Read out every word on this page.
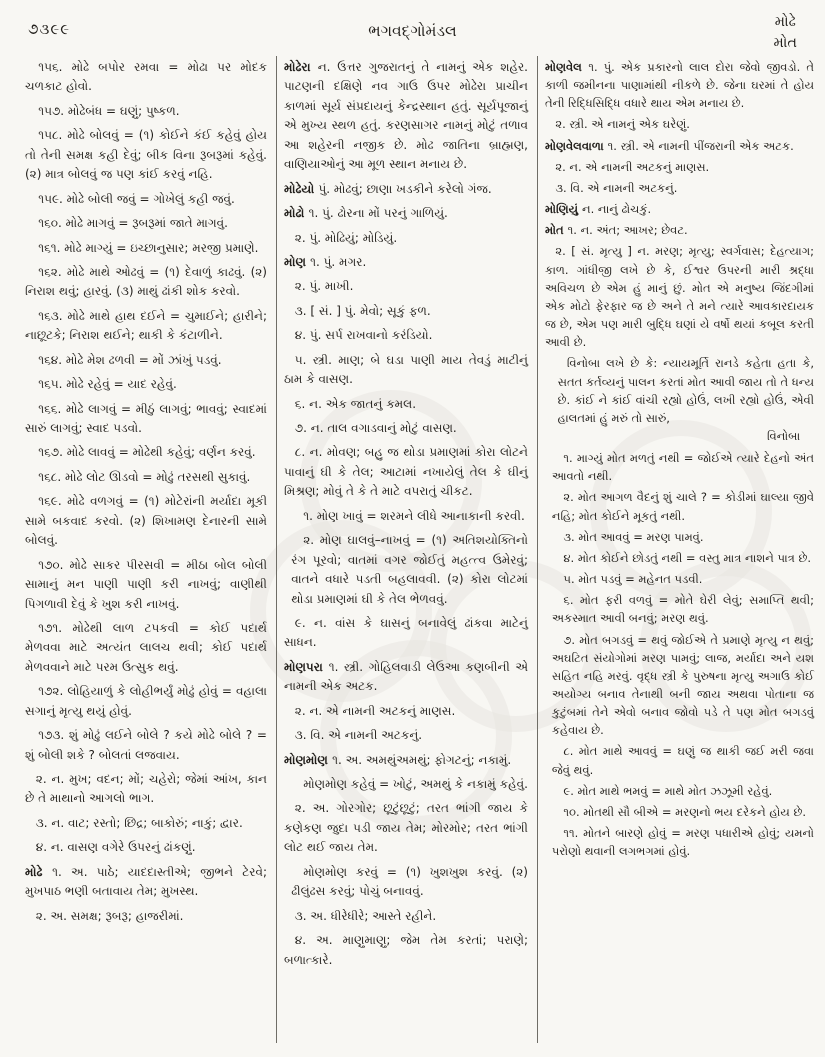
૭૩૯૯	ભગવદ્ગોમંડલ	મોઢે
મોત

૧૫૬. મોઢે બપોર રમવા = મોઢા પર મોદક ચળકાટ હોવો.

૧૫૭. મોઢેબંધ = ઘણું; પુષ્કળ.

૧૫૮. મોઢે બોલવું = (૧) કોઈને કંઈ કહેવું હોય તો તેની સમક્ષ કહી દેવું; બીક વિના રૂબરૂમાં કહેવું. (૨) માત્ર બોલવું જ પણ કાંઈ કરવું નહિ.

૧૫૯. મોઢે બોલી જવું = ગોખેલું કહી જવું.

૧૬૦. મોઢે માગવું = રૂબરૂમાં જાતે માગવું.

૧૬૧. મોઢે માગ્યું = ઇચ્છાનુસાર; મરજી પ્રમાણે.

૧૬૨. મોઢે માથે ઓઢવું = (૧) દેવાળું કાઢવું. (૨) નિરાશ થવું; હારવું. (૩) માથું ઢાંકી શોક કરવો.

૧૬૩. મોઢે માથે હાથ દઈને = ચુમાઈને; હારીને; નાછૂટકે; નિરાશ થઈને; થાકી કે કંટાળીને.

૧૬૪. મોઢે મેશ ઢળવી = મોં ઝાંખું પડવું.

૧૬૫. મોઢે રહેવું = યાદ રહેવું.

૧૬૬. મોઢે લાગવું = મીઠું લાગવું; ભાવવું; સ્વાદમાં સારું લાગવું; સ્વાદ પડવો.

૧૬૭. મોઢે લાવવું = મોઢેથી કહેવું; વર્ણન કરવું.

૧૬૮. મોઢે લોટ ઊડવો = મોઢું તરસથી સુકાવું.

૧૬૯. મોઢે વળગવું = (૧) મોટેરાંની મર્યાદા મૂકી સામે બકવાદ કરવો. (૨) શિખામણ દેનારની સામે બોલવું.

૧૭૦. મોઢે સાકર પીરસવી = મીઠા બોલ બોલી સામાનું મન પાણી પાણી કરી નાખવું; વાણીથી પિગળાવી દેવું કે ખુશ કરી નાખવું.

૧૭૧. મોઢેથી લાળ ટપકવી = કોઈ પદાર્થ મેળવવા માટે અત્યંત લાલચ થવી; કોઈ પદાર્થ મેળવવાને માટે પરમ ઉત્સુક થવું.

૧૭૨. લોહિયાળું કે લોહીભર્યું મોઢું હોવું = વહાલા સગાનું મૃત્યુ થયું હોવું.

૧૭૩. શું મોઢું લઈને બોલે ? કયે મોઢે બોલે ? = શું બોલી શકે ? બોલતાં લજવાય.

૨. ન. મુખ; વદન; મોં; ચહેરો; જેમાં આંખ, કાન છે તે માથાનો આગલો ભાગ.

૩. ન. વાટ; રસ્તો; છિદ્ર; બાકોરું; નાકું; દ્વાર.

૪. ન. વાસણ વગેરે ઉપરનું ઢાંકણું.

મોઢે ૧. અ. પાઠે; યાદદાસ્તીએ; જીભને ટેરવે; મુખપાઠ ભણી બતાવાય તેમ; મુખસ્થ.

૨. અ. સમક્ષ; રૂબરૂ; હાજરીમાં.

મોઢેરા ન. ઉત્તર ગુજરાતનું તે નામનું એક શહેર. પાટણની દક્ષિણે નવ ગાઉ ઉપર મોઢેરા પ્રાચીન કાળમાં સૂર્ય સંપ્રદાયનું કેન્દ્રસ્થાન હતું. સૂર્યપૂજાનું એ મુખ્ય સ્થળ હતું. કરણસાગર નામનું મોટું તળાવ આ શહેરની નજીક છે. મોઢ જાતિના બ્રાહ્મણ, વાણિયાઓનું આ મૂળ સ્થાન મનાય છે.

મોઢેયો પું. મોઢવું; છાણા ખડકીને કરેલો ગંજ.

મોઢો ૧. પું. ઢોરના મોં પરનું ગાળિયું.

૨. પું. મોઢિયું; મોડિયું.

મોણ ૧. પું. મગર.

૨. પું. માખી.

૩. [ સં. ] પું. મેવો; સૂકું ફળ.

૪. પું. સર્પ રાખવાનો કરંડિયો.

૫. સ્ત્રી. માણ; બે ઘડા પાણી માય તેવડું માટીનું ઠામ કે વાસણ.

૬. ન. એક જાતનું કમલ.

૭. ન. તાલ વગાડવાનું મોટું વાસણ.

૮. ન. મોવણ; બહુ જ થોડા પ્રમાણમાં કોરા લોટને પાવાનું ઘી કે તેલ; આટામાં નખાયેલું તેલ કે ઘીનું મિશ્રણ; મોવું તે કે તે માટે વપરાતું ચીકટ.

૧. મોણ ખાવું = શરમને લીધે આનાકાની કરવી.

૨. મોણ ઘાલવું–નાખવું = (૧) અતિશયોક્તિનો રંગ પૂરવો; વાતમાં વગર જોઈતું મહત્ત્વ ઉમેરવું; વાતને વધારે પડતી બહલાવવી. (૨) કોરા લોટમાં થોડા પ્રમાણમાં ઘી કે તેલ ભેળવવું.

૯. ન. વાંસ કે ઘાસનું બનાવેલું ઢાંકવા માટેનું સાધન.

મોણપરા ૧. સ્ત્રી. ગોહિલવાડી લેઉઆ કણબીની એ નામની એક અટક.

૨. ન. એ નામની અટકનું માણસ.

૩. વિ. એ નામની અટકનું.

મોણમોણ ૧. અ. અમથુંઅમથું; ફોગટનું; નકામું.

મોણમોણ કહેવું = ખોટું, અમથું કે નકામું કહેવું.

૨. અ. ગોરગોર; છૂટુંછૂટું; તરત ભાંગી જાય કે કણેકણ જુદા પડી જાય તેમ; મોરમોર; તરત ભાંગી લોટ થઈ જાય તેમ.

મોણમોણ કરવું = (૧) ખુશખુશ કરવું. (૨) ઢીલુંઢસ કરવું; પોચું બનાવવું.

૩. અ. ધીરેધીરે; આસ્તે રહીને.

૪. અ. માણુમાણુ; જેમ તેમ કરતાં; પરાણે; બળાત્કારે.

મોણવેલ ૧. પું. એક પ્રકારનો લાલ દોરા જેવો જીવડો. તે કાળી જમીનના પાણામાંથી નીકળે છે. જેના ઘરમાં તે હોય તેની રિદ્ધિસિદ્ધિ વધારે થાય એમ મનાય છે.

૨. સ્ત્રી. એ નામનું એક ઘરેણું.

મોણવેલવાળા ૧. સ્ત્રી. એ નામની પીંજરાની એક અટક.

૨. ન. એ નામની અટકનું માણસ.

૩. વિ. એ નામની અટકનું.

મોણિયું ન. નાનું ઢોચકું.

મોત ૧. ન. અંત; આખર; છેવટ.

૨. [ સં. મૃત્યુ ] ન. મરણ; મૃત્યુ; સ્વર્ગવાસ; દેહત્યાગ; કાળ. ગાંધીજી લખે છે કે, ઈશ્વર ઉપરની મારી શ્રદ્ધા અવિચળ છે એમ હું માનું છું. મોત એ મનુષ્ય જિંદગીમાં એક મોટો ફેરફાર જ છે અને તે મને ત્યારે આવકારદાયક જ છે, એમ પણ મારી બુદ્ધિ ઘણાં યે વર્ષો થયાં કબૂલ કરતી આવી છે.

વિનોબા લખે છે કે: ન્યાયમૂર્તિ રાનડે કહેતા હતા કે, સતત કર્તવ્યનું પાલન કરતાં મોત આવી જાય તો તે ધન્ય છે. કાંઈ ને કાંઈ વાંચી રહ્યો હોઉં, લખી રહ્યો હોઉં, એવી હાલતમાં હું મરું તો સારું,

વિનોબા

૧. માગ્યું મોત મળતું નથી = જોઈએ ત્યારે દેહનો અંત આવતો નથી.

૨. મોત આગળ વૈદનું શું ચાલે ? = કોડીમાં ઘાલ્યા જીવે નહિ; મોત કોઈને મૂકતું નથી.

૩. મોત આવવું = મરણ પામવું.

૪. મોત કોઈને છોડતું નથી = વસ્તુ માત્ર નાશને પાત્ર છે.

૫. મોત પડવું = મહેનત પડવી.

૬. મોત ફરી વળવું = મોતે ઘેરી લેવું; સમાપ્તિ થવી; અકસ્માત આવી બનવું; મરણ થવું.

૭. મોત બગડવું = થવું જોઈએ તે પ્રમાણે મૃત્યુ ન થવું; અઘટિત સંયોગોમાં મરણ પામવું; લાજ, મર્યાદા અને યશ સહિત નહિ મરવું. વૃદ્ધ સ્ત્રી કે પુરુષના મૃત્યુ અગાઉ કોઈ અયોગ્ય બનાવ તેનાથી બની જાય અથવા પોતાના જ કુટુંબમાં તેને એવો બનાવ જોવો પડે તે પણ મોત બગડવું કહેવાય છે.

૮. મોત માથે આવવું = ઘણું જ થાકી જઈ મરી જવા જેવું થવું.

૯. મોત માથે ભમવું = માથે મોત ઝઝૂમી રહેવું.

૧૦. મોતથી સૌ બીએ = મરણનો ભય દરેકને હોય છે.

૧૧. મોતને બારણે હોવું = મરણ પધારીએ હોવું; યમનો પરોણો થવાની લગભગમાં હોવું.
